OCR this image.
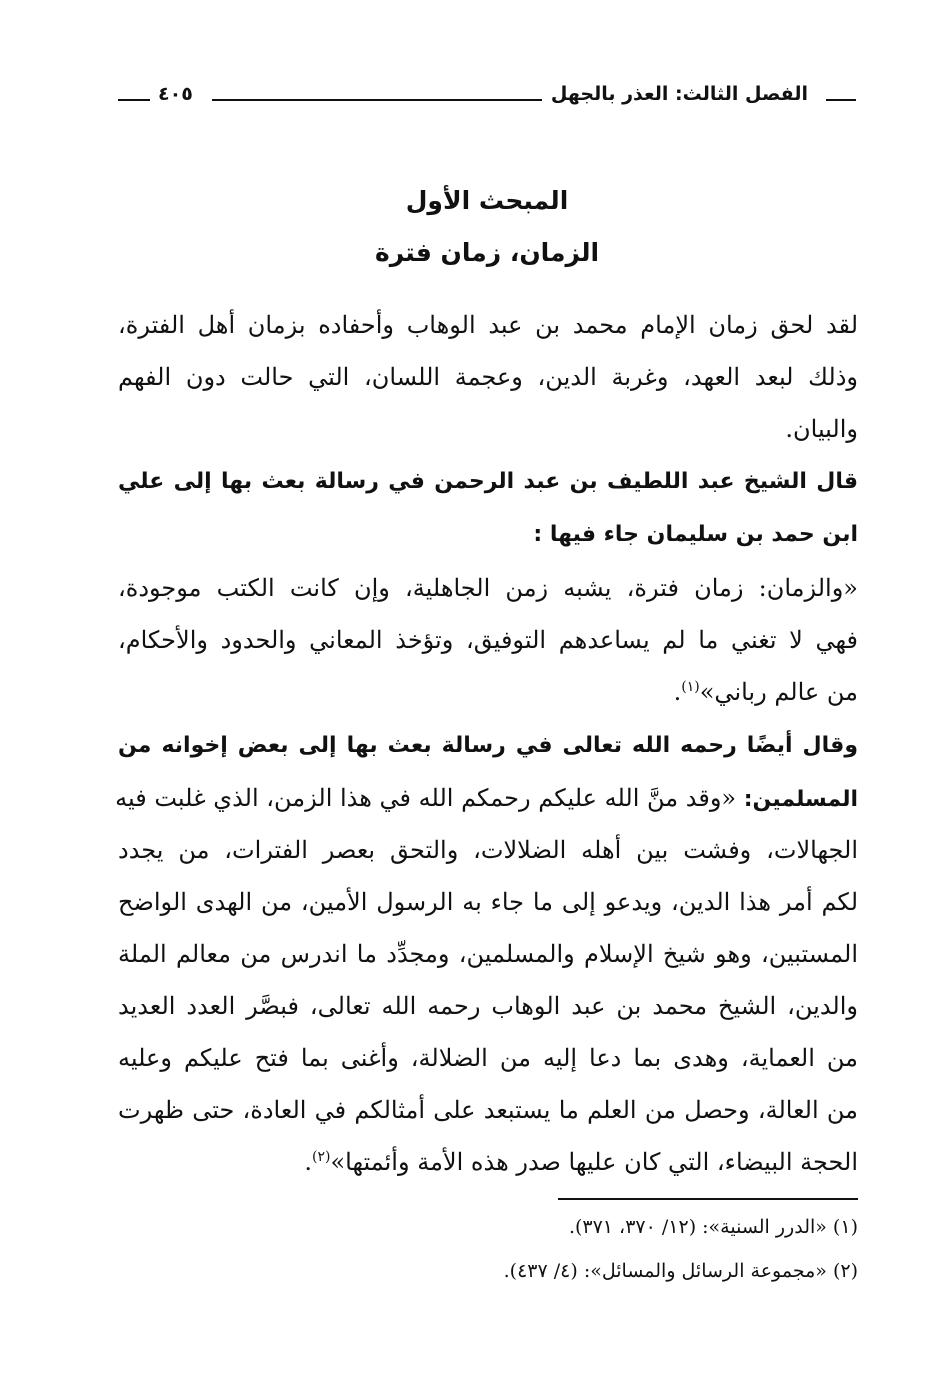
الفصل الثالث: العذر بالجهل
٤٠٥
المبحث الأول
الزمان، زمان فترة
لقد لحق زمان الإمام محمد بن عبد الوهاب وأحفاده بزمان أهل الفترة،
وذلك لبعد العهد، وغربة الدين، وعجمة اللسان، التي حالت دون الفهم
والبيان.
قال الشيخ عبد اللطيف بن عبد الرحمن في رسالة بعث بها إلى علي
ابن حمد بن سليمان جاء فيها :
«والزمان: زمان فترة، يشبه زمن الجاهلية، وإن كانت الكتب موجودة،
فهي لا تغني ما لم يساعدهم التوفيق، وتؤخذ المعاني والحدود والأحكام،
من عالم رباني»$^{(١)}$.
وقال أيضًا رحمه الله تعالى في رسالة بعث بها إلى بعض إخوانه من
المسلمين: «وقد منَّ الله عليكم رحمكم الله في هذا الزمن، الذي غلبت فيه
الجهالات، وفشت بين أهله الضلالات، والتحق بعصر الفترات، من يجدد
لكم أمر هذا الدين، ويدعو إلى ما جاء به الرسول الأمين، من الهدى الواضح
المستبين، وهو شيخ الإسلام والمسلمين، ومجدِّد ما اندرس من معالم الملة
والدين، الشيخ محمد بن عبد الوهاب رحمه الله تعالى، فبصَّر العدد العديد
من العماية، وهدى بما دعا إليه من الضلالة، وأغنى بما فتح عليكم وعليه
من العالة، وحصل من العلم ما يستبعد على أمثالكم في العادة، حتى ظهرت
الحجة البيضاء، التي كان عليها صدر هذه الأمة وأئمتها»$^{(٢)}$.
(١) «الدرر السنية»: (١٢/ ٣٧٠، ٣٧١).
(٢) «مجموعة الرسائل والمسائل»: (٤/ ٤٣٧).
